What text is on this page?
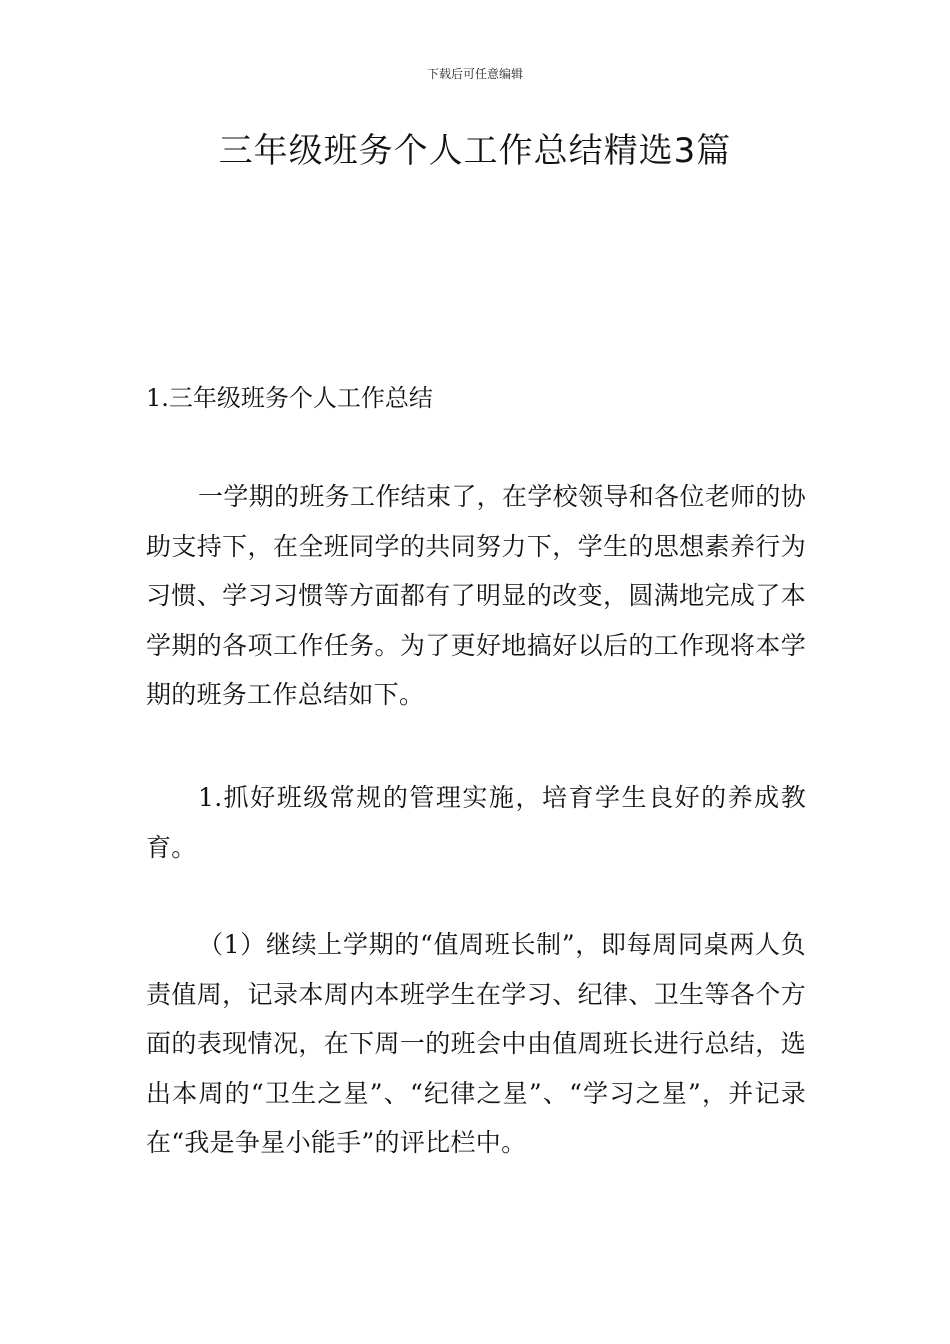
下载后可任意编辑
三年级班务个人工作总结精选3篇
1.三年级班务个人工作总结

一学期的班务工作结束了，在学校领导和各位老师的协助支持下，在全班同学的共同努力下，学生的思想素养行为习惯、学习习惯等方面都有了明显的改变，圆满地完成了本学期的各项工作任务。为了更好地搞好以后的工作现将本学期的班务工作总结如下。

1.抓好班级常规的管理实施，培育学生良好的养成教育。

（1）继续上学期的“值周班长制”，即每周同桌两人负责值周，记录本周内本班学生在学习、纪律、卫生等各个方面的表现情况，在下周一的班会中由值周班长进行总结，选出本周的“卫生之星”、“纪律之星”、“学习之星”，并记录在“我是争星小能手”的评比栏中。
